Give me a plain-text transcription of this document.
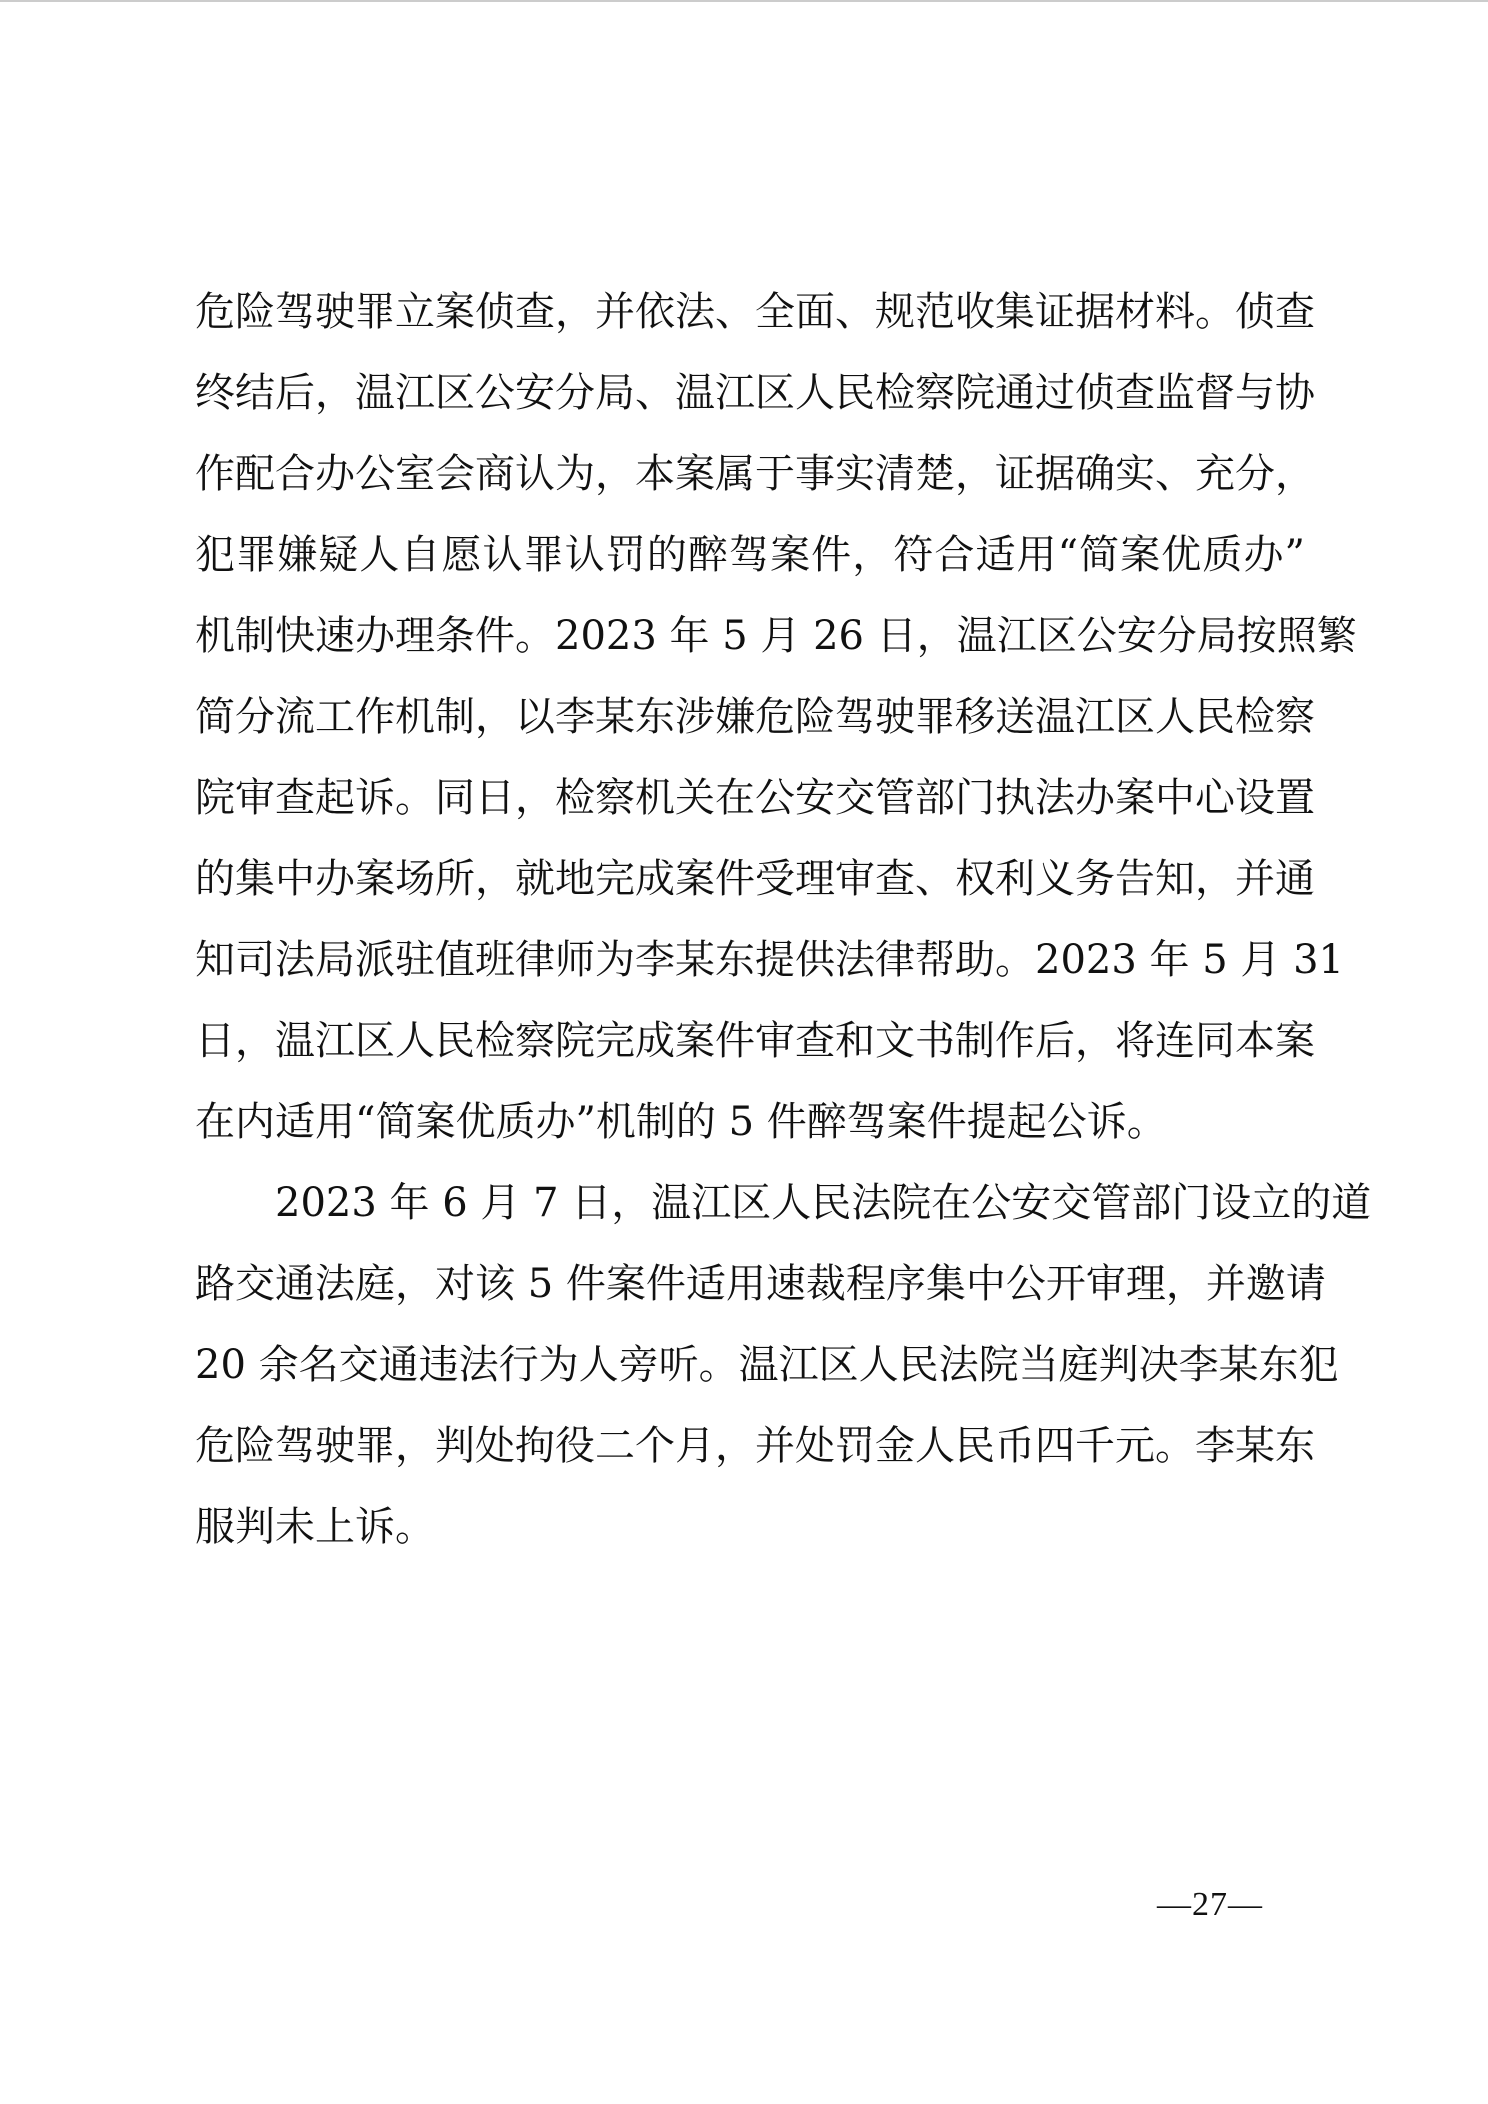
危险驾驶罪立案侦查，并依法、全面、规范收集证据材料。侦查
终结后，温江区公安分局、温江区人民检察院通过侦查监督与协
作配合办公室会商认为，本案属于事实清楚，证据确实、充分，
犯罪嫌疑人自愿认罪认罚的醉驾案件，符合适用“简案优质办”
机制快速办理条件。2023 年 5 月 26 日，温江区公安分局按照繁
简分流工作机制，以李某东涉嫌危险驾驶罪移送温江区人民检察
院审查起诉。同日，检察机关在公安交管部门执法办案中心设置
的集中办案场所，就地完成案件受理审查、权利义务告知，并通
知司法局派驻值班律师为李某东提供法律帮助。2023 年 5 月 31
日，温江区人民检察院完成案件审查和文书制作后，将连同本案
在内适用“简案优质办”机制的 5 件醉驾案件提起公诉。
　　2023 年 6 月 7 日，温江区人民法院在公安交管部门设立的道
路交通法庭，对该 5 件案件适用速裁程序集中公开审理，并邀请
20 余名交通违法行为人旁听。温江区人民法院当庭判决李某东犯
危险驾驶罪，判处拘役二个月，并处罚金人民币四千元。李某东
服判未上诉。
—27—
